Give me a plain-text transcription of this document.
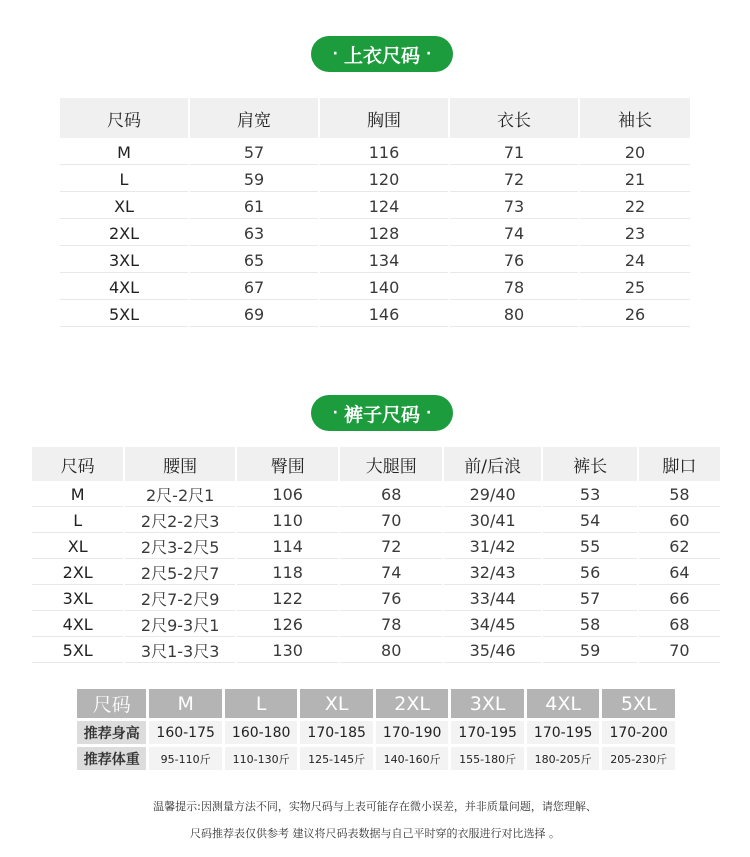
· 上衣尺码 ·
尺码	肩宽	胸围	衣长	袖长
M	57	116	71	20
L	59	120	72	21
XL	61	124	73	22
2XL	63	128	74	23
3XL	65	134	76	24
4XL	67	140	78	25
5XL	69	146	80	26
· 裤子尺码 ·
尺码	腰围	臀围	大腿围	前/后浪	裤长	脚口
M	2尺-2尺1	106	68	29/40	53	58
L	2尺2-2尺3	110	70	30/41	54	60
XL	2尺3-2尺5	114	72	31/42	55	62
2XL	2尺5-2尺7	118	74	32/43	56	64
3XL	2尺7-2尺9	122	76	33/44	57	66
4XL	2尺9-3尺1	126	78	34/45	58	68
5XL	3尺1-3尺3	130	80	35/46	59	70
尺码	M	L	XL	2XL	3XL	4XL	5XL
推荐身高	160-175	160-180	170-185	170-190	170-195	170-195	170-200
推荐体重	95-110斤	110-130斤	125-145斤	140-160斤	155-180斤	180-205斤	205-230斤
温馨提示:因测量方法不同，实物尺码与上表可能存在微小误差，并非质量问题，请您理解、
尺码推荐表仅供参考 建议将尺码表数据与自己平时穿的衣服进行对比选择 。
